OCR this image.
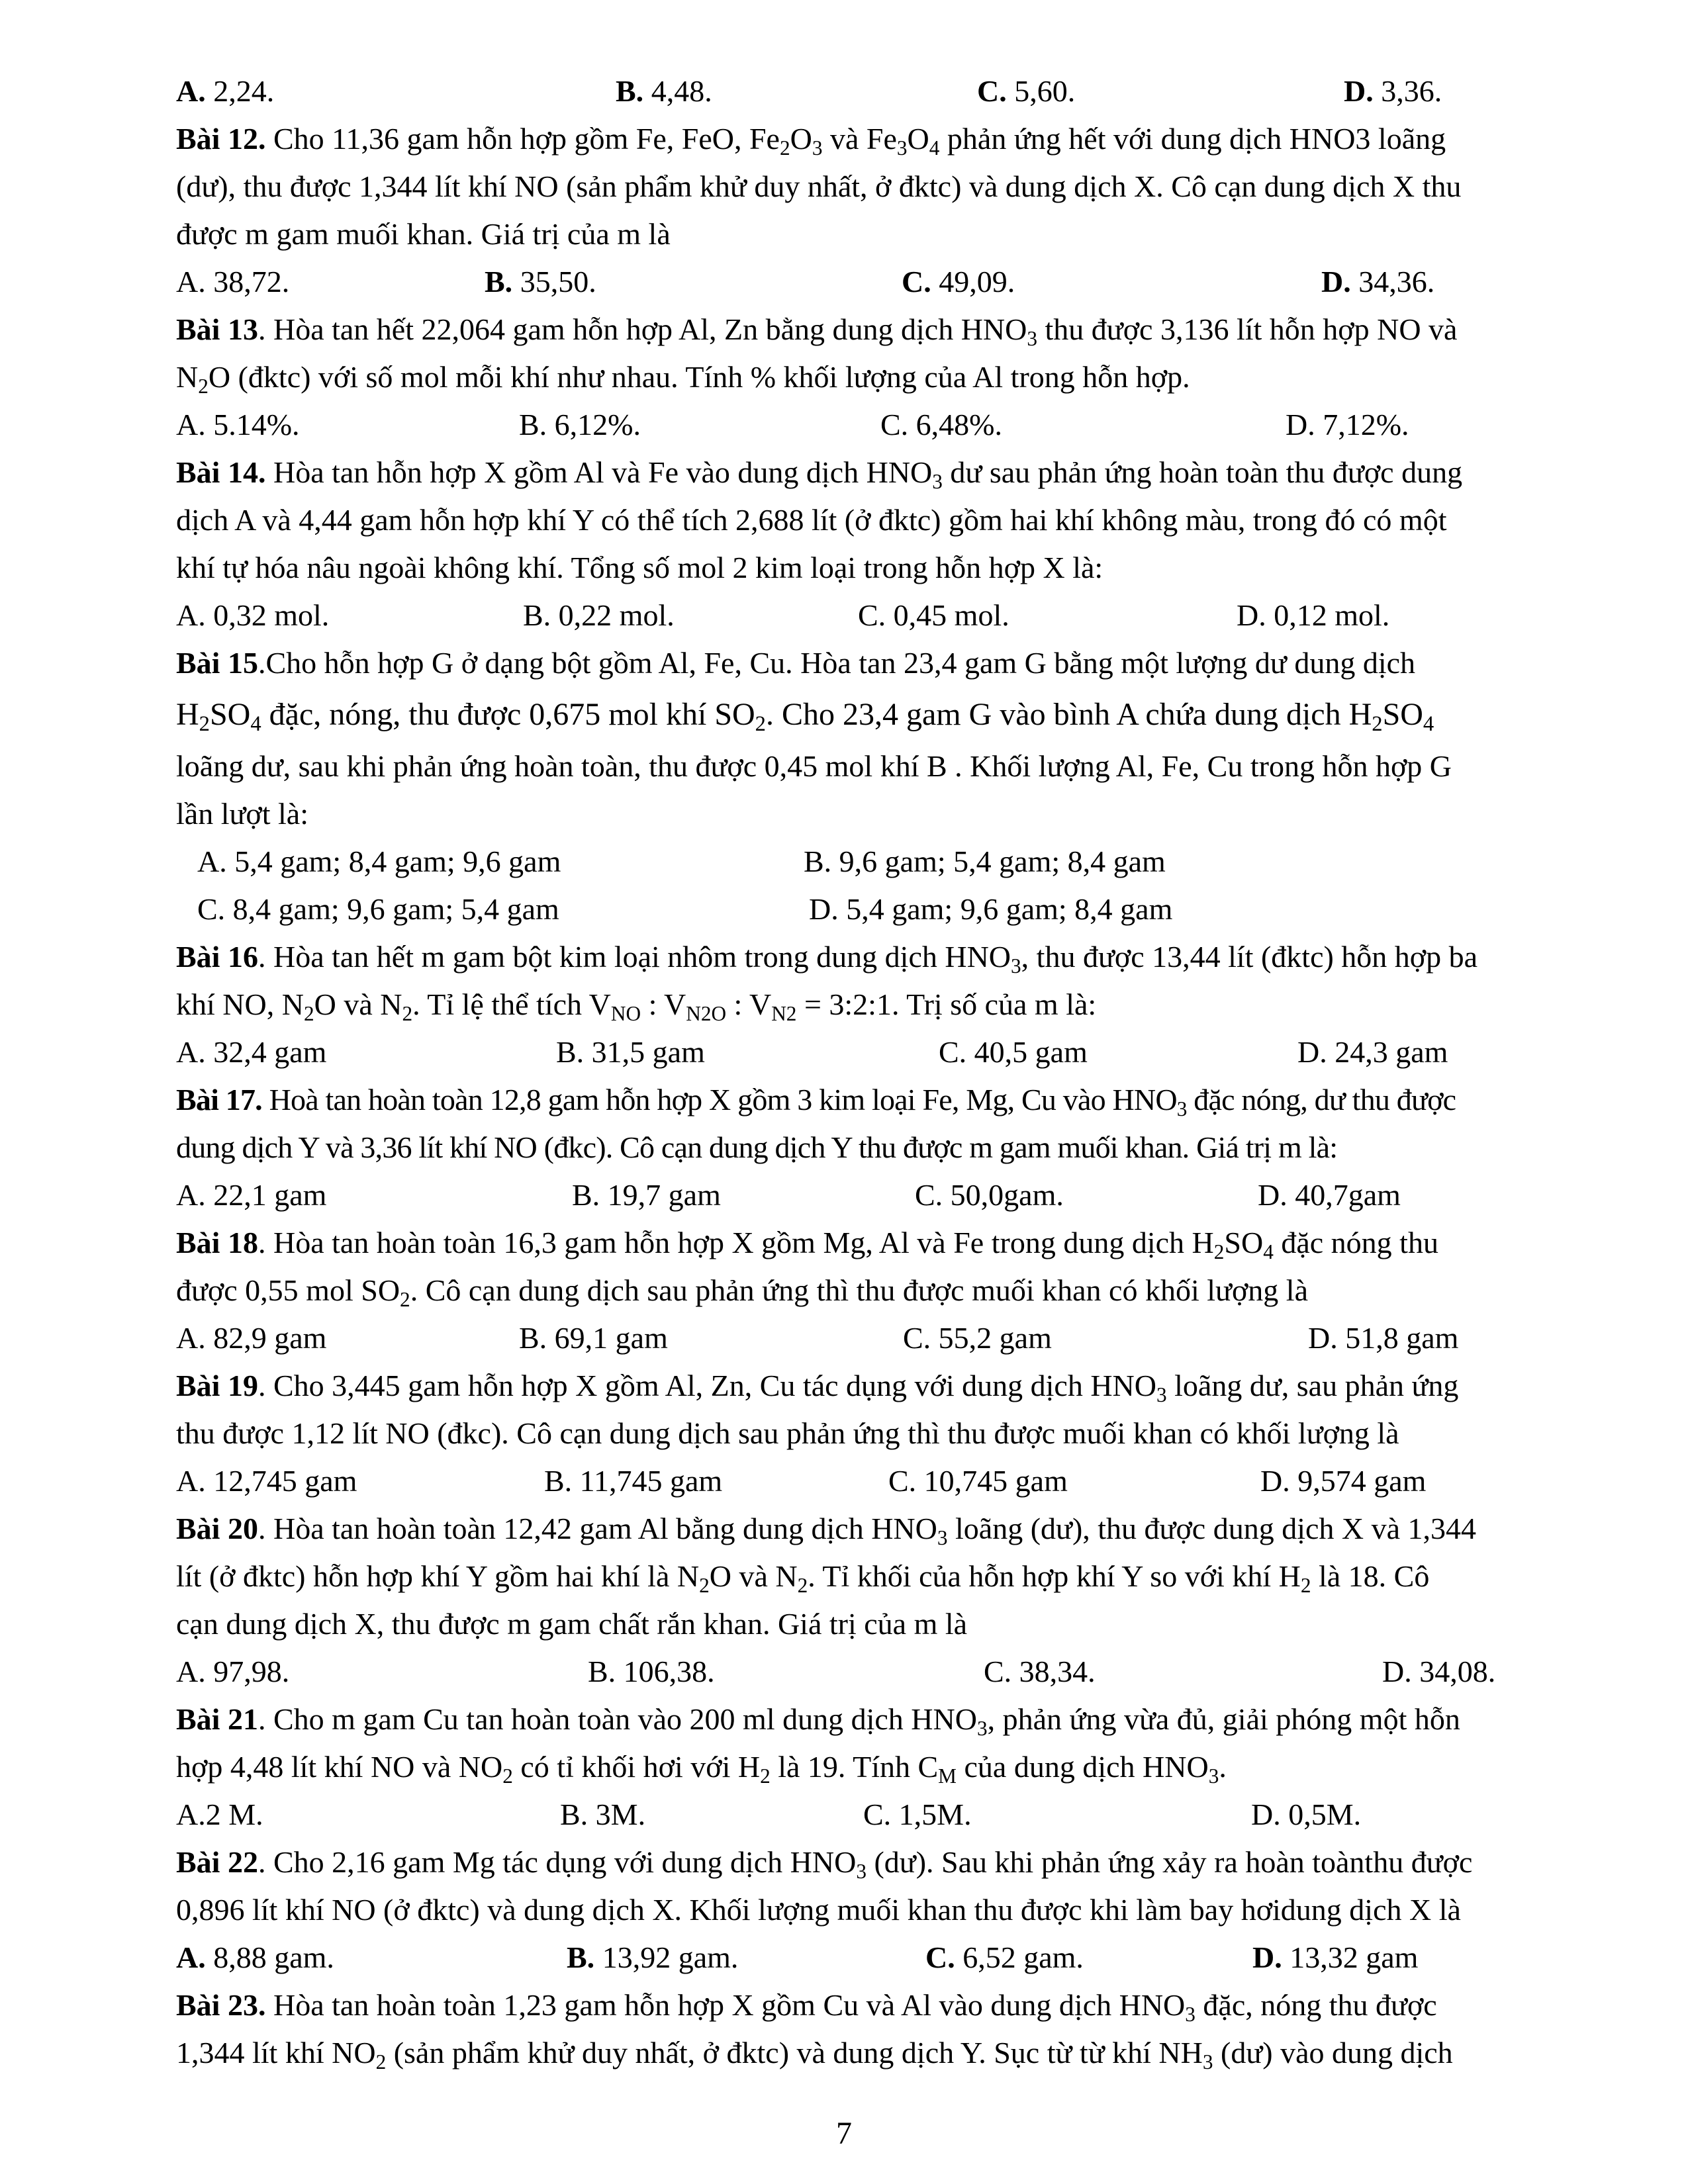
A. 2,24.	B. 4,48.	C. 5,60.	D. 3,36.
Bài 12. Cho 11,36 gam hỗn hợp gồm Fe, FeO, $Fe_2O_3$ và $Fe_3O_4$ phản ứng hết với dung dịch HNO3 loãng
(dư), thu được 1,344 lít khí NO (sản phẩm khử duy nhất, ở đktc) và dung dịch X. Cô cạn dung dịch X thu
được m gam muối khan. Giá trị của m là
A. 38,72.	B. 35,50.	C. 49,09.	D. 34,36.
Bài 13. Hòa tan hết 22,064 gam hỗn hợp Al, Zn bằng dung dịch $HNO_3$ thu được 3,136 lít hỗn hợp NO và
$N_2O$ (đktc) với số mol mỗi khí như nhau. Tính % khối lượng của Al trong hỗn hợp.
A. 5.14%.	B. 6,12%.	C. 6,48%.	D. 7,12%.
Bài 14. Hòa tan hỗn hợp X gồm Al và Fe vào dung dịch $HNO_3$ dư sau phản ứng hoàn toàn thu được dung
dịch A và 4,44 gam hỗn hợp khí Y có thể tích 2,688 lít (ở đktc) gồm hai khí không màu, trong đó có một
khí tự hóa nâu ngoài không khí. Tổng số mol 2 kim loại trong hỗn hợp X là:
A. 0,32 mol.	B. 0,22 mol.	C. 0,45 mol.	D. 0,12 mol.
Bài 15.Cho hỗn hợp G ở dạng bột gồm Al, Fe, Cu. Hòa tan 23,4 gam G bằng một lượng dư dung dịch
$H_2SO_4$ đặc, nóng, thu được 0,675 mol khí $SO_2$. Cho 23,4 gam G vào bình A chứa dung dịch $H_2SO_4$
loãng dư, sau khi phản ứng hoàn toàn, thu được 0,45 mol khí B . Khối lượng Al, Fe, Cu trong hỗn hợp G
lần lượt là:
A. 5,4 gam; 8,4 gam; 9,6 gam	B. 9,6 gam; 5,4 gam; 8,4 gam
C. 8,4 gam; 9,6 gam; 5,4 gam	D. 5,4 gam; 9,6 gam; 8,4 gam
Bài 16. Hòa tan hết m gam bột kim loại nhôm trong dung dịch $HNO_3$, thu được 13,44 lít (đktc) hỗn hợp ba
khí NO, $N_2O$ và $N_2$. Tỉ lệ thể tích $V_{NO}$ : $V_{N2O}$ : $V_{N2}$ = 3:2:1. Trị số của m là:
A. 32,4 gam	B. 31,5 gam	C. 40,5 gam	D. 24,3 gam
Bài 17. Hoà tan hoàn toàn 12,8 gam hỗn hợp X gồm 3 kim loại Fe, Mg, Cu vào $HNO_3$ đặc nóng, dư thu được
dung dịch Y và 3,36 lít khí NO (đkc). Cô cạn dung dịch Y thu được m gam muối khan. Giá trị m là:
A. 22,1 gam	B. 19,7 gam	C. 50,0gam.	D. 40,7gam
Bài 18. Hòa tan hoàn toàn 16,3 gam hỗn hợp X gồm Mg, Al và Fe trong dung dịch $H_2SO_4$ đặc nóng thu
được 0,55 mol $SO_2$. Cô cạn dung dịch sau phản ứng thì thu được muối khan có khối lượng là
A. 82,9 gam	B. 69,1 gam	C. 55,2 gam	D. 51,8 gam
Bài 19. Cho 3,445 gam hỗn hợp X gồm Al, Zn, Cu tác dụng với dung dịch $HNO_3$ loãng dư, sau phản ứng
thu được 1,12 lít NO (đkc). Cô cạn dung dịch sau phản ứng thì thu được muối khan có khối lượng là
A. 12,745 gam	B. 11,745 gam	C. 10,745 gam	D. 9,574 gam
Bài 20. Hòa tan hoàn toàn 12,42 gam Al bằng dung dịch $HNO_3$ loãng (dư), thu được dung dịch X và 1,344
lít (ở đktc) hỗn hợp khí Y gồm hai khí là $N_2O$ và $N_2$. Tỉ khối của hỗn hợp khí Y so với khí $H_2$ là 18. Cô
cạn dung dịch X, thu được m gam chất rắn khan. Giá trị của m là
A. 97,98.	B. 106,38.	C. 38,34.	D. 34,08.
Bài 21. Cho m gam Cu tan hoàn toàn vào 200 ml dung dịch $HNO_3$, phản ứng vừa đủ, giải phóng một hỗn
hợp 4,48 lít khí NO và $NO_2$ có tỉ khối hơi với $H_2$ là 19. Tính $C_M$ của dung dịch $HNO_3$.
A.2 M.	B. 3M.	C. 1,5M.	D. 0,5M.
Bài 22. Cho 2,16 gam Mg tác dụng với dung dịch $HNO_3$ (dư). Sau khi phản ứng xảy ra hoàn toànthu được
0,896 lít khí NO (ở đktc) và dung dịch X. Khối lượng muối khan thu được khi làm bay hơidung dịch X là
A. 8,88 gam.	B. 13,92 gam.	C. 6,52 gam.	D. 13,32 gam
Bài 23. Hòa tan hoàn toàn 1,23 gam hỗn hợp X gồm Cu và Al vào dung dịch $HNO_3$ đặc, nóng thu được
1,344 lít khí $NO_2$ (sản phẩm khử duy nhất, ở đktc) và dung dịch Y. Sục từ từ khí $NH_3$ (dư) vào dung dịch
7
